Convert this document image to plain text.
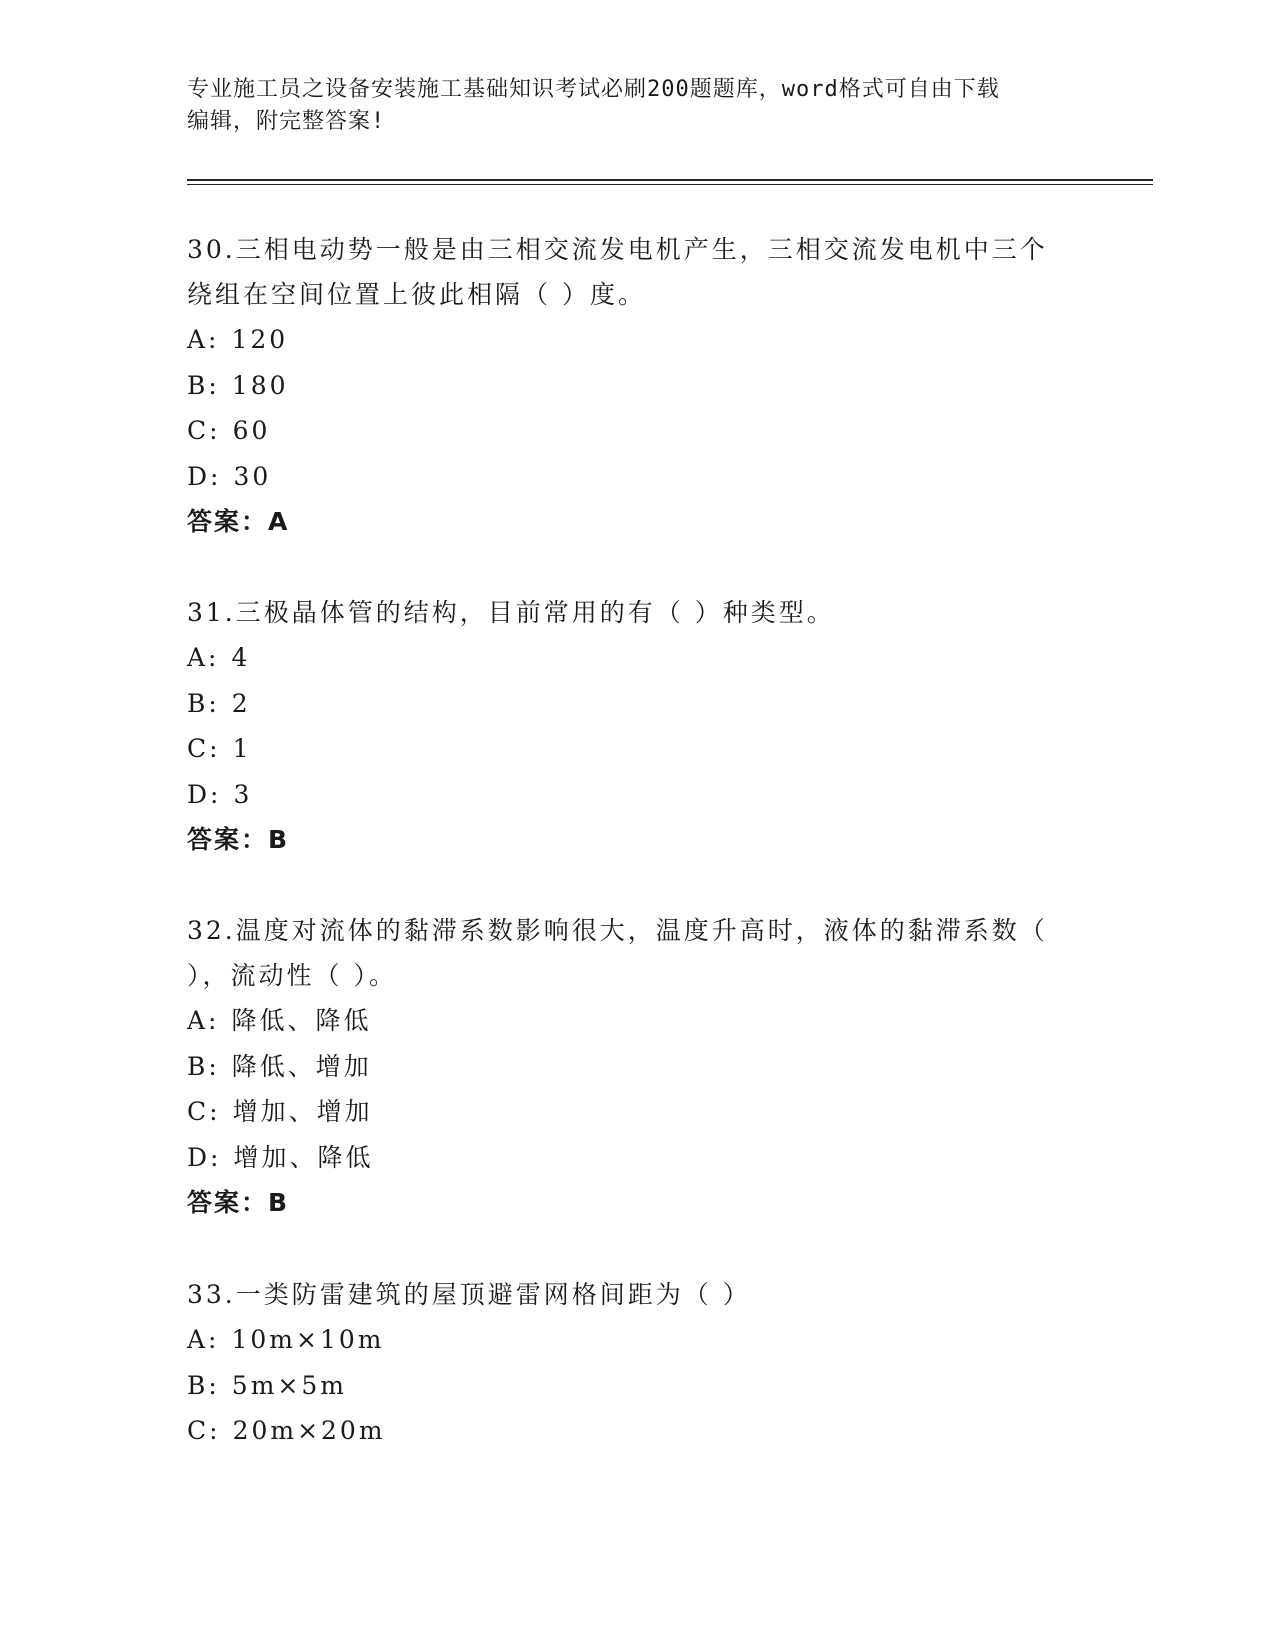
专业施工员之设备安装施工基础知识考试必刷200题题库，word格式可自由下载
编辑，附完整答案!
30.三相电动势一般是由三相交流发电机产生，三相交流发电机中三个
绕组在空间位置上彼此相隔（ ）度。
A: 120
B: 180
C: 60
D: 30
答案：A
31.三极晶体管的结构，目前常用的有（ ）种类型。
A: 4
B: 2
C: 1
D: 3
答案：B
32.温度对流体的黏滞系数影响很大，温度升高时，液体的黏滞系数（
），流动性（ ）。
A: 降低、降低
B: 降低、增加
C: 增加、增加
D: 增加、降低
答案：B
33.一类防雷建筑的屋顶避雷网格间距为（ ）
A: 10m×10m
B: 5m×5m
C: 20m×20m
